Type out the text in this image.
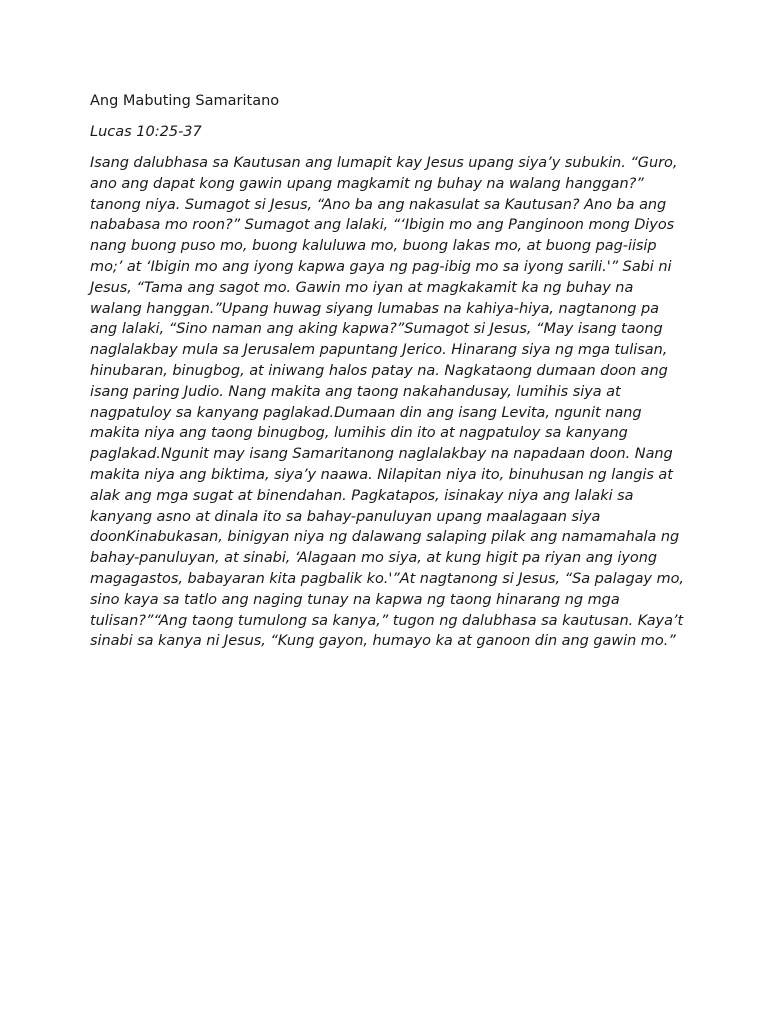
Ang Mabuting Samaritano

Lucas 10:25-37

Isang dalubhasa sa Kautusan ang lumapit kay Jesus upang siya’y subukin. “Guro, ano ang dapat kong gawin upang magkamit ng buhay na walang hanggan?” tanong niya. Sumagot si Jesus, “Ano ba ang nakasulat sa Kautusan? Ano ba ang nababasa mo roon?” Sumagot ang lalaki, “‘Ibigin mo ang Panginoon mong Diyos nang buong puso mo, buong kaluluwa mo, buong lakas mo, at buong pag-iisip mo;’ at ‘Ibigin mo ang iyong kapwa gaya ng pag-ibig mo sa iyong sarili.'” Sabi ni Jesus, “Tama ang sagot mo. Gawin mo iyan at magkakamit ka ng buhay na walang hanggan.”Upang huwag siyang lumabas na kahiya-hiya, nagtanong pa ang lalaki, “Sino naman ang aking kapwa?”Sumagot si Jesus, “May isang taong naglalakbay mula sa Jerusalem papuntang Jerico. Hinarang siya ng mga tulisan, hinubaran, binugbog, at iniwang halos patay na. Nagkataong dumaan doon ang isang paring Judio. Nang makita ang taong nakahandusay, lumihis siya at nagpatuloy sa kanyang paglakad.Dumaan din ang isang Levita, ngunit nang makita niya ang taong binugbog, lumihis din ito at nagpatuloy sa kanyang paglakad.Ngunit may isang Samaritanong naglalakbay na napadaan doon. Nang makita niya ang biktima, siya’y naawa. Nilapitan niya ito, binuhusan ng langis at alak ang mga sugat at binendahan. Pagkatapos, isinakay niya ang lalaki sa kanyang asno at dinala ito sa bahay-panuluyan upang maalagaan siya doonKinabukasan, binigyan niya ng dalawang salaping pilak ang namamahala ng bahay-panuluyan, at sinabi, ‘Alagaan mo siya, at kung higit pa riyan ang iyong magagastos, babayaran kita pagbalik ko.'”At nagtanong si Jesus, “Sa palagay mo, sino kaya sa tatlo ang naging tunay na kapwa ng taong hinarang ng mga tulisan?”“Ang taong tumulong sa kanya,” tugon ng dalubhasa sa kautusan. Kaya’t sinabi sa kanya ni Jesus, “Kung gayon, humayo ka at ganoon din ang gawin mo.”
